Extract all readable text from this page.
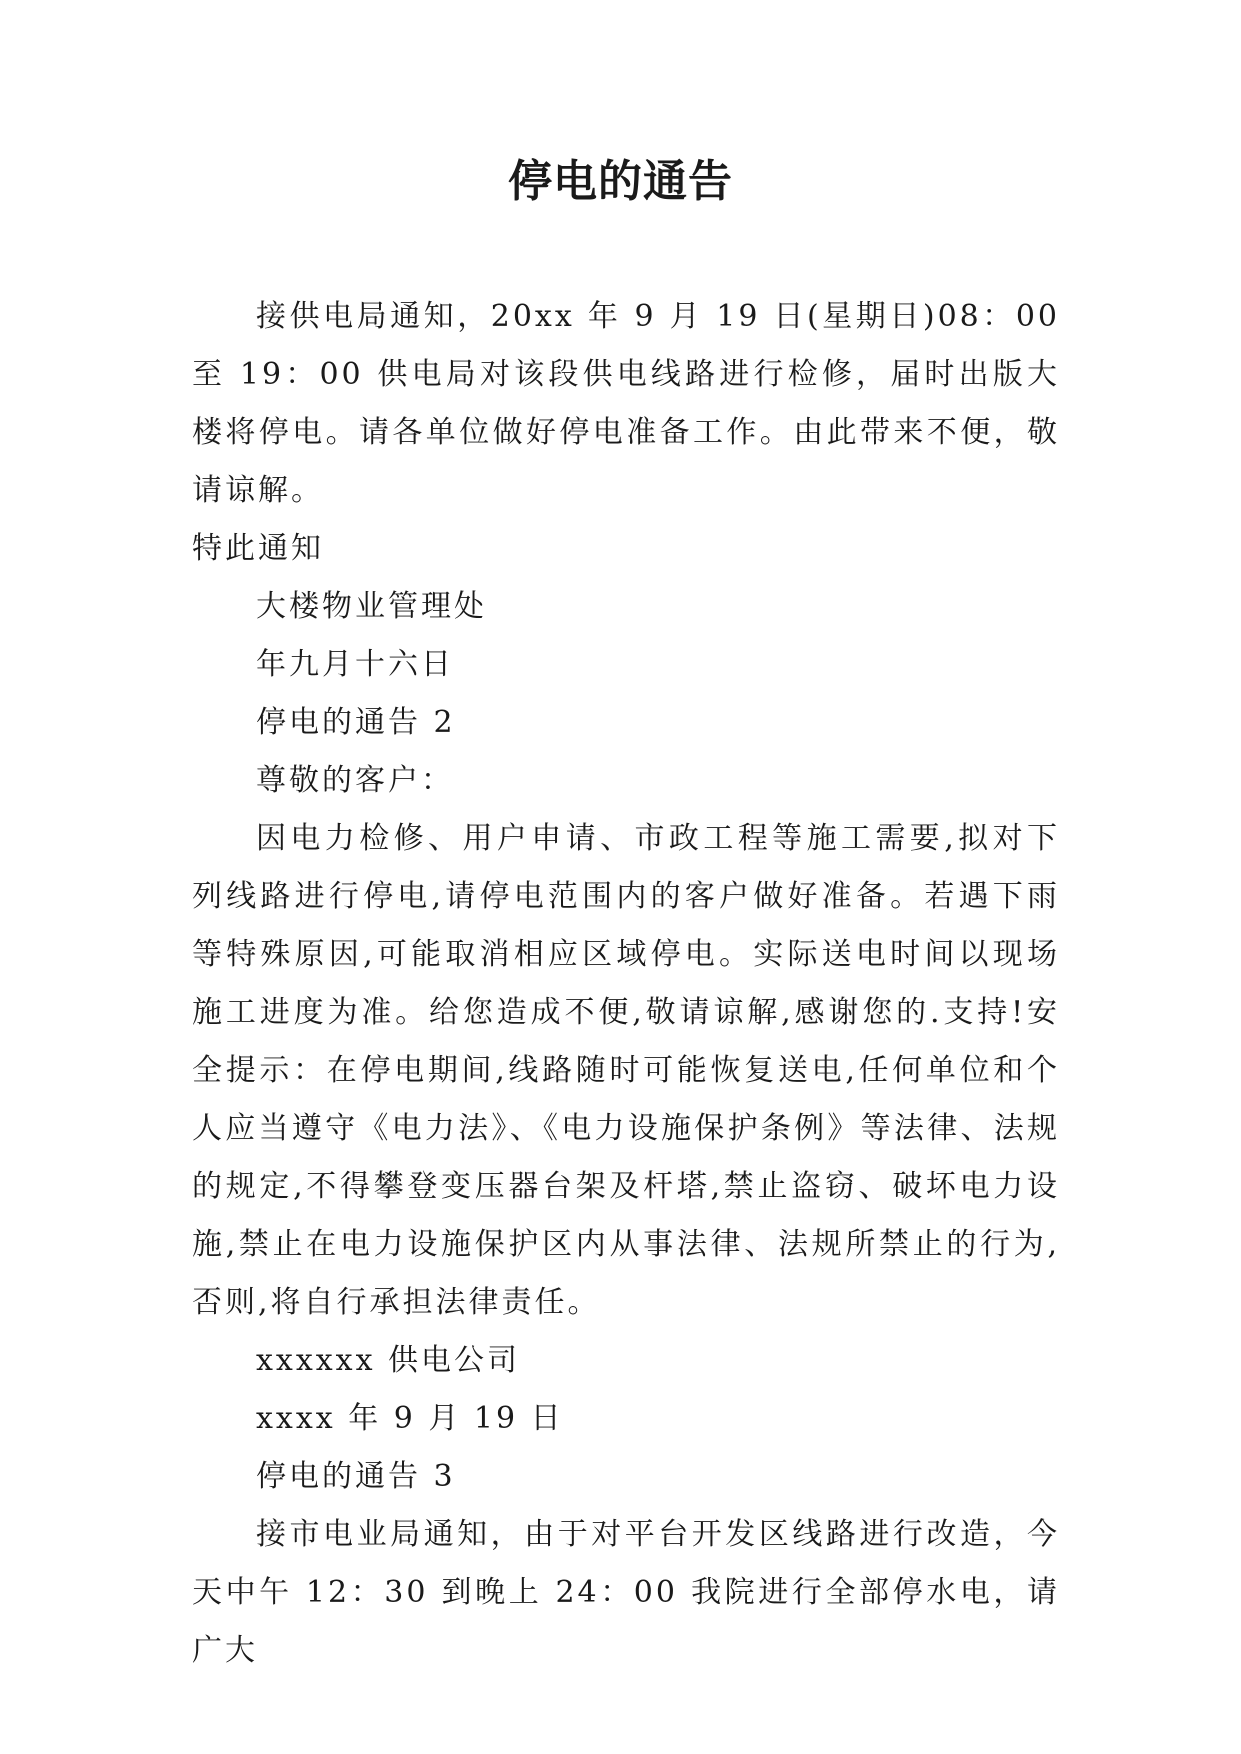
停电的通告

接供电局通知，20xx 年 9 月 19 日(星期日)08：00 至 19：00 供电局对该段供电线路进行检修，届时出版大楼将停电。请各单位做好停电准备工作。由此带来不便，敬请谅解。

特此通知

大楼物业管理处

年九月十六日

停电的通告 2

尊敬的客户：

因电力检修、用户申请、市政工程等施工需要,拟对下列线路进行停电,请停电范围内的客户做好准备。若遇下雨等特殊原因,可能取消相应区域停电。实际送电时间以现场施工进度为准。给您造成不便,敬请谅解,感谢您的.支持!安全提示：在停电期间,线路随时可能恢复送电,任何单位和个人应当遵守《电力法》、《电力设施保护条例》等法律、法规的规定,不得攀登变压器台架及杆塔,禁止盗窃、破坏电力设施,禁止在电力设施保护区内从事法律、法规所禁止的行为,否则,将自行承担法律责任。

xxxxxx 供电公司

xxxx 年 9 月 19 日

停电的通告 3

接市电业局通知，由于对平台开发区线路进行改造，今天中午 12：30 到晚上 24：00 我院进行全部停水电，请广大
